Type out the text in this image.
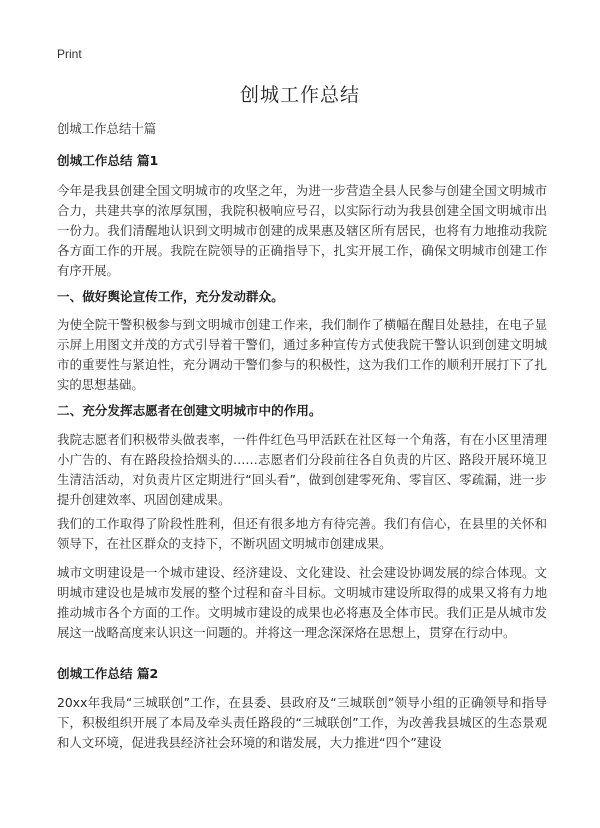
Print
创城工作总结

创城工作总结十篇

创城工作总结 篇1

今年是我县创建全国文明城市的攻坚之年，为进一步营造全县人民参与创建全国文明城市合力，共建共享的浓厚氛围，我院积极响应号召，以实际行动为我县创建全国文明城市出一份力。我们清醒地认识到文明城市创建的成果惠及辖区所有居民，也将有力地推动我院各方面工作的开展。我院在院领导的正确指导下，扎实开展工作，确保文明城市创建工作有序开展。

一、做好舆论宣传工作，充分发动群众。

为使全院干警积极参与到文明城市创建工作来，我们制作了横幅在醒目处悬挂，在电子显示屏上用图文并茂的方式引导着干警们，通过多种宣传方式使我院干警认识到创建文明城市的重要性与紧迫性，充分调动干警们参与的积极性，这为我们工作的顺利开展打下了扎实的思想基础。

二、充分发挥志愿者在创建文明城市中的作用。

我院志愿者们积极带头做表率，一件件红色马甲活跃在社区每一个角落，有在小区里清理小广告的、有在路段捡拾烟头的……志愿者们分段前往各自负责的片区、路段开展环境卫生清洁活动，对负责片区定期进行“回头看”，做到创建零死角、零盲区、零疏漏，进一步提升创建效率、巩固创建成果。

我们的工作取得了阶段性胜利，但还有很多地方有待完善。我们有信心，在县里的关怀和领导下，在社区群众的支持下，不断巩固文明城市创建成果。

城市文明建设是一个城市建设、经济建设、文化建设、社会建设协调发展的综合体现。文明城市建设也是城市发展的整个过程和奋斗目标。文明城市建设所取得的成果又将有力地推动城市各个方面的工作。文明城市建设的成果也必将惠及全体市民。我们正是从城市发展这一战略高度来认识这一问题的。并将这一理念深深烙在思想上，贯穿在行动中。

创城工作总结 篇2

20xx年我局“三城联创”工作，在县委、县政府及“三城联创”领导小组的正确领导和指导下，积极组织开展了本局及牵头责任路段的“三城联创”工作，为改善我县城区的生态景观和人文环境，促进我县经济社会环境的和谐发展，大力推进“四个”建设
